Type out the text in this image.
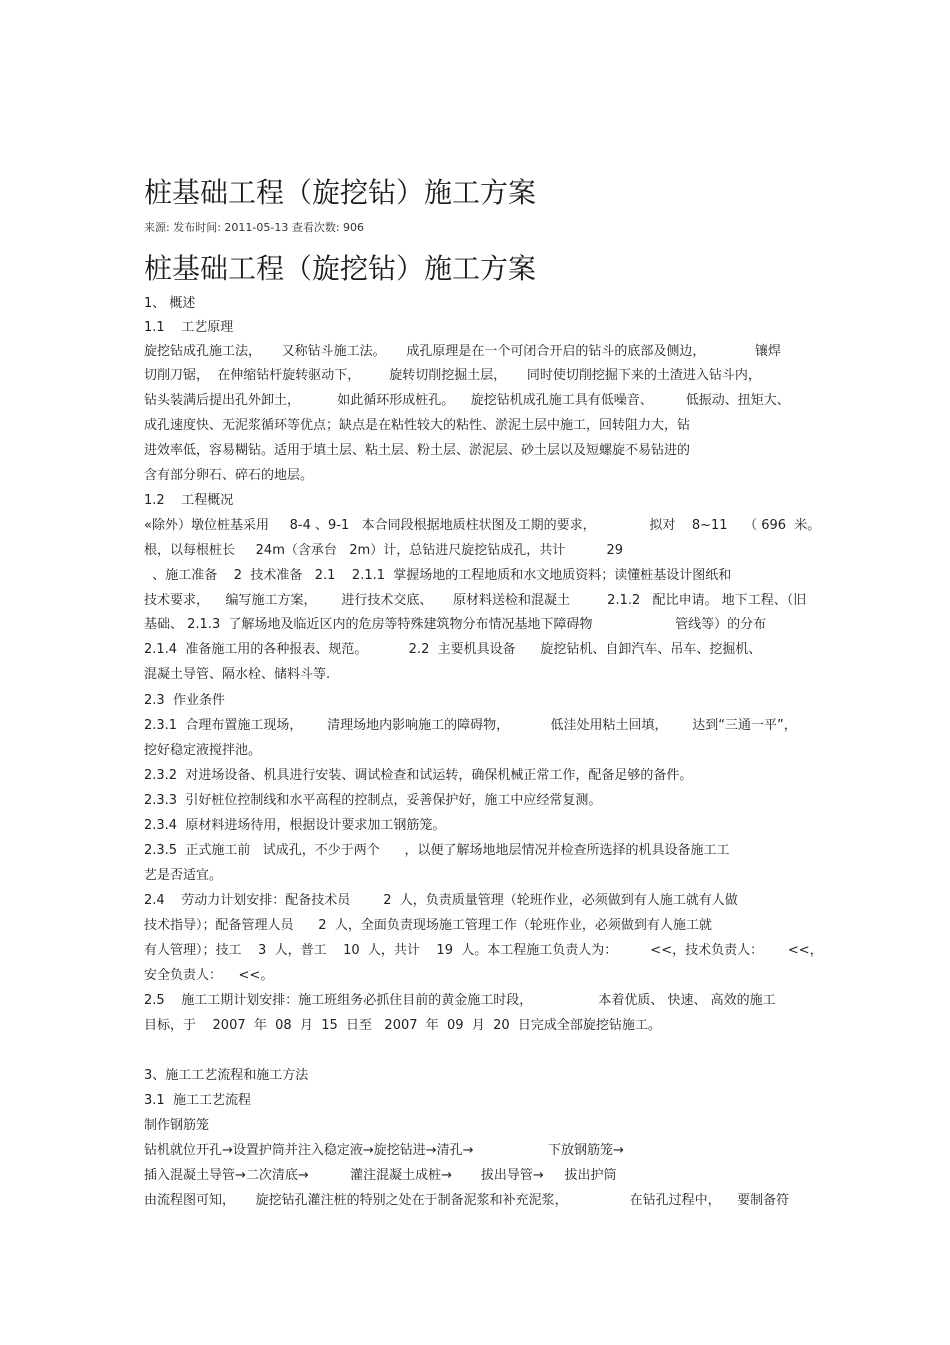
桩基础工程（旋挖钻）施工方案
来源: 发布时间: 2011-05-13 查看次数: 906
桩基础工程（旋挖钻）施工方案
1、 概述
1.1    工艺原理
旋挖钻成孔施工法，     又称钻斗施工法。     成孔原理是在一个可闭合开启的钻斗的底部及侧边，            镶焊
切削刀锯，  在伸缩钻杆旋转驱动下，       旋转切削挖掘土层，     同时使切削挖掘下来的土渣进入钻斗内，
钻头装满后提出孔外卸土，         如此循环形成桩孔。    旋挖钻机成孔施工具有低噪音、        低振动、扭矩大、
成孔速度快、无泥浆循环等优点；缺点是在粘性较大的粘性、淤泥土层中施工，回转阻力大，钻
进效率低，容易糊钻。适用于填土层、粘土层、粉土层、淤泥层、砂土层以及短螺旋不易钻进的
含有部分卵石、碎石的地层。
1.2    工程概况
«除外）墩位桩基采用     8-4 、9-1   本合同段根据地质柱状图及工期的要求，             拟对    8~11    （ 696  米。
根，以每根桩长     24m（含承台   2m）计，总钻进尺旋挖钻成孔，共计          29
、施工准备    2  技术准备   2.1    2.1.1  掌握场地的工程地质和水文地质资料；读懂桩基设计图纸和
技术要求，    编写施工方案，      进行技术交底、     原材料送检和混凝土         2.1.2   配比申请。 地下工程、（旧
基础、 2.1.3  了解场地及临近区内的危房等特殊建筑物分布情况基地下障碍物                    管线等）的分布
2.1.4  准备施工用的各种报表、规范。          2.2  主要机具设备      旋挖钻机、自卸汽车、吊车、挖掘机、
混凝土导管、隔水栓、储料斗等.
2.3  作业条件
2.3.1  合理布置施工现场，      清理场地内影响施工的障碍物，          低洼处用粘土回填，      达到“三通一平”，
挖好稳定液搅拌池。
2.3.2  对进场设备、机具进行安装、调试检查和试运转，确保机械正常工作，配备足够的备件。
2.3.3  引好桩位控制线和水平高程的控制点，妥善保护好，施工中应经常复测。
2.3.4  原材料进场待用，根据设计要求加工钢筋笼。
2.3.5  正式施工前   试成孔，不少于两个      ，以便了解场地地层情况并检查所选择的机具设备施工工
艺是否适宜。
2.4    劳动力计划安排：配备技术员        2  人，负责质量管理（轮班作业，必须做到有人施工就有人做
技术指导）；配备管理人员      2  人，全面负责现场施工管理工作（轮班作业，必须做到有人施工就
有人管理）；技工    3  人，普工    10  人，共计    19  人。本工程施工负责人为：        <<，技术负责人：      <<，
安全负责人：    <<。
2.5    施工工期计划安排：施工班组务必抓住目前的黄金施工时段，                本着优质、 快速、 高效的施工
目标，于    2007  年  08  月  15  日至   2007  年  09  月  20  日完成全部旋挖钻施工。
3、施工工艺流程和施工方法
3.1  施工工艺流程
制作钢筋笼
钻机就位开孔→设置护筒并注入稳定液→旋挖钻进→清孔→                  下放钢筋笼→
插入混凝土导管→二次清底→          灌注混凝土成桩→       拔出导管→     拔出护筒
由流程图可知，     旋挖钻孔灌注桩的特别之处在于制备泥浆和补充泥浆，               在钻孔过程中，    要制备符
